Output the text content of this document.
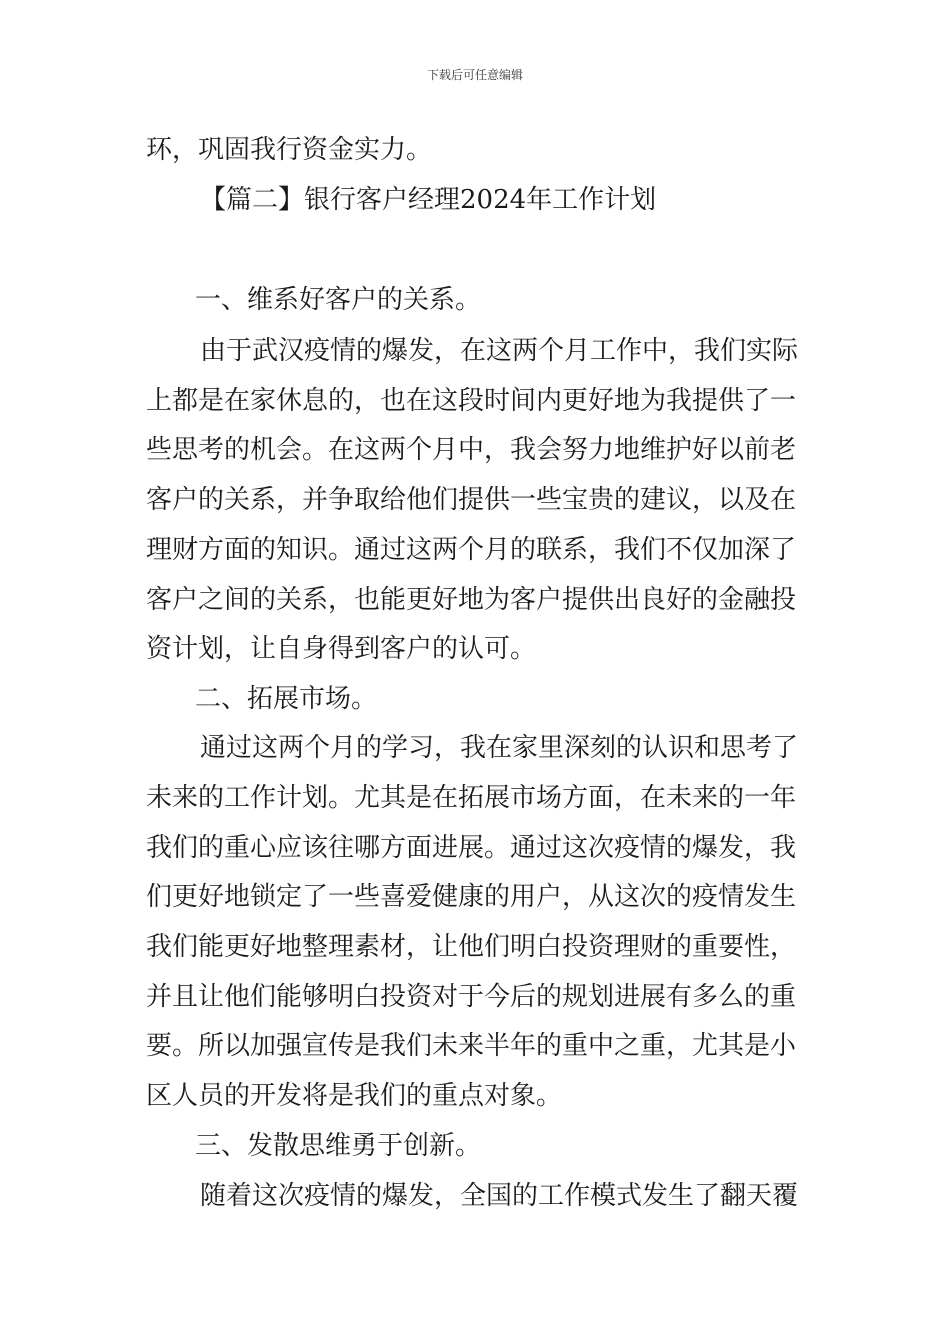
下载后可任意编辑
环，巩固我行资金实力。
【篇二】银行客户经理2024年工作计划
一、维系好客户的关系。
由于武汉疫情的爆发，在这两个月工作中，我们实际
上都是在家休息的，也在这段时间内更好地为我提供了一
些思考的机会。在这两个月中，我会努力地维护好以前老
客户的关系，并争取给他们提供一些宝贵的建议，以及在
理财方面的知识。通过这两个月的联系，我们不仅加深了
客户之间的关系，也能更好地为客户提供出良好的金融投
资计划，让自身得到客户的认可。
二、拓展市场。
通过这两个月的学习，我在家里深刻的认识和思考了
未来的工作计划。尤其是在拓展市场方面，在未来的一年
我们的重心应该往哪方面进展。通过这次疫情的爆发，我
们更好地锁定了一些喜爱健康的用户，从这次的疫情发生
我们能更好地整理素材，让他们明白投资理财的重要性，
并且让他们能够明白投资对于今后的规划进展有多么的重
要。所以加强宣传是我们未来半年的重中之重，尤其是小
区人员的开发将是我们的重点对象。
三、发散思维勇于创新。
随着这次疫情的爆发，全国的工作模式发生了翻天覆
